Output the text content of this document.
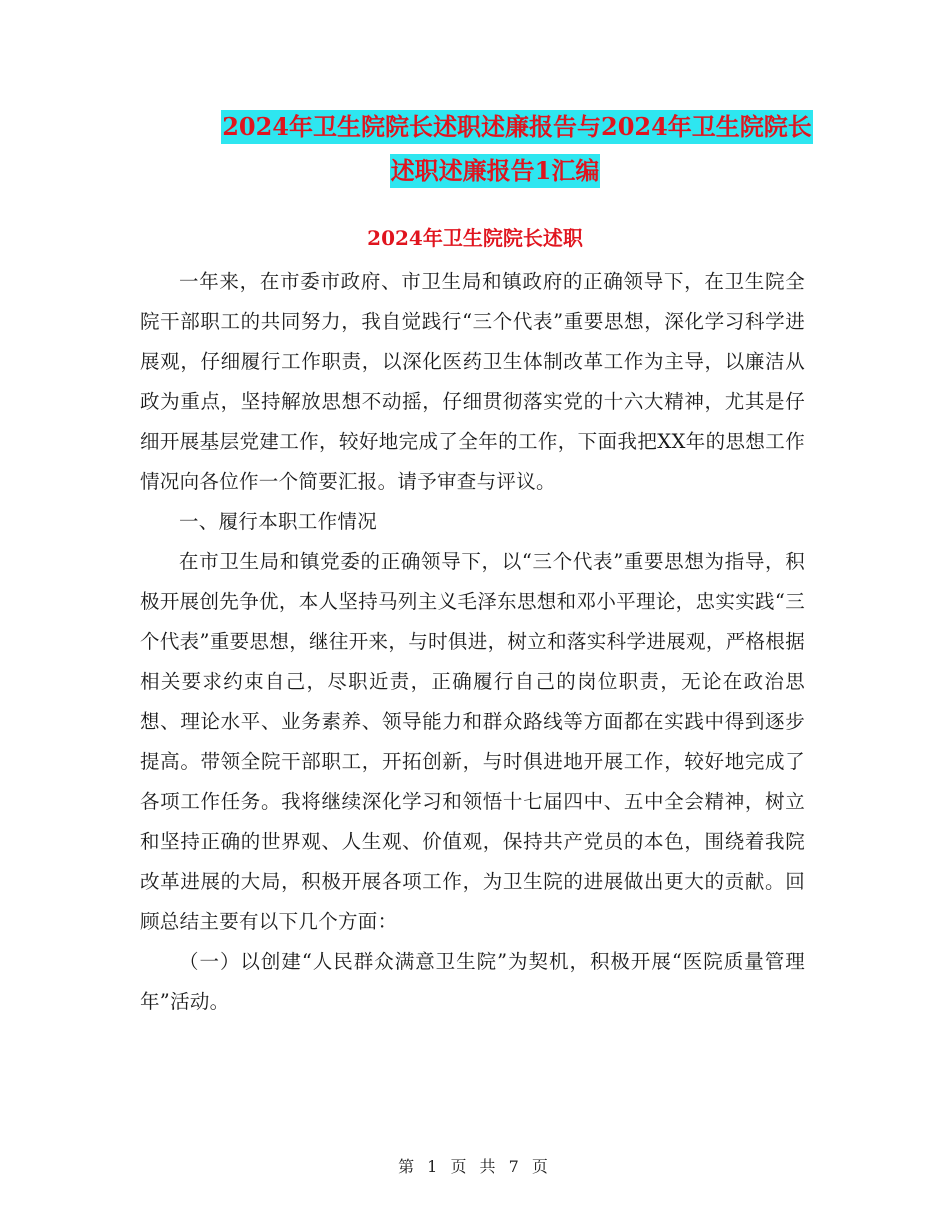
2024年卫生院院长述职述廉报告与2024年卫生院院长
述职述廉报告1汇编
2024年卫生院院长述职

一年来，在市委市政府、市卫生局和镇政府的正确领导下，在卫生院全院干部职工的共同努力，我自觉践行“三个代表”重要思想，深化学习科学进展观，仔细履行工作职责，以深化医药卫生体制改革工作为主导，以廉洁从政为重点，坚持解放思想不动摇，仔细贯彻落实党的十六大精神，尤其是仔细开展基层党建工作，较好地完成了全年的工作，下面我把XX年的思想工作情况向各位作一个简要汇报。请予审查与评议。

一、履行本职工作情况

在市卫生局和镇党委的正确领导下，以“三个代表”重要思想为指导，积极开展创先争优，本人坚持马列主义毛泽东思想和邓小平理论，忠实实践“三个代表”重要思想，继往开来，与时俱进，树立和落实科学进展观，严格根据相关要求约束自己，尽职近责，正确履行自己的岗位职责，无论在政治思想、理论水平、业务素养、领导能力和群众路线等方面都在实践中得到逐步提高。带领全院干部职工，开拓创新，与时俱进地开展工作，较好地完成了各项工作任务。我将继续深化学习和领悟十七届四中、五中全会精神，树立和坚持正确的世界观、人生观、价值观，保持共产党员的本色，围绕着我院改革进展的大局，积极开展各项工作，为卫生院的进展做出更大的贡献。回顾总结主要有以下几个方面：

（一）以创建“人民群众满意卫生院”为契机，积极开展“医院质量管理年”活动。

第 1 页 共 7 页
